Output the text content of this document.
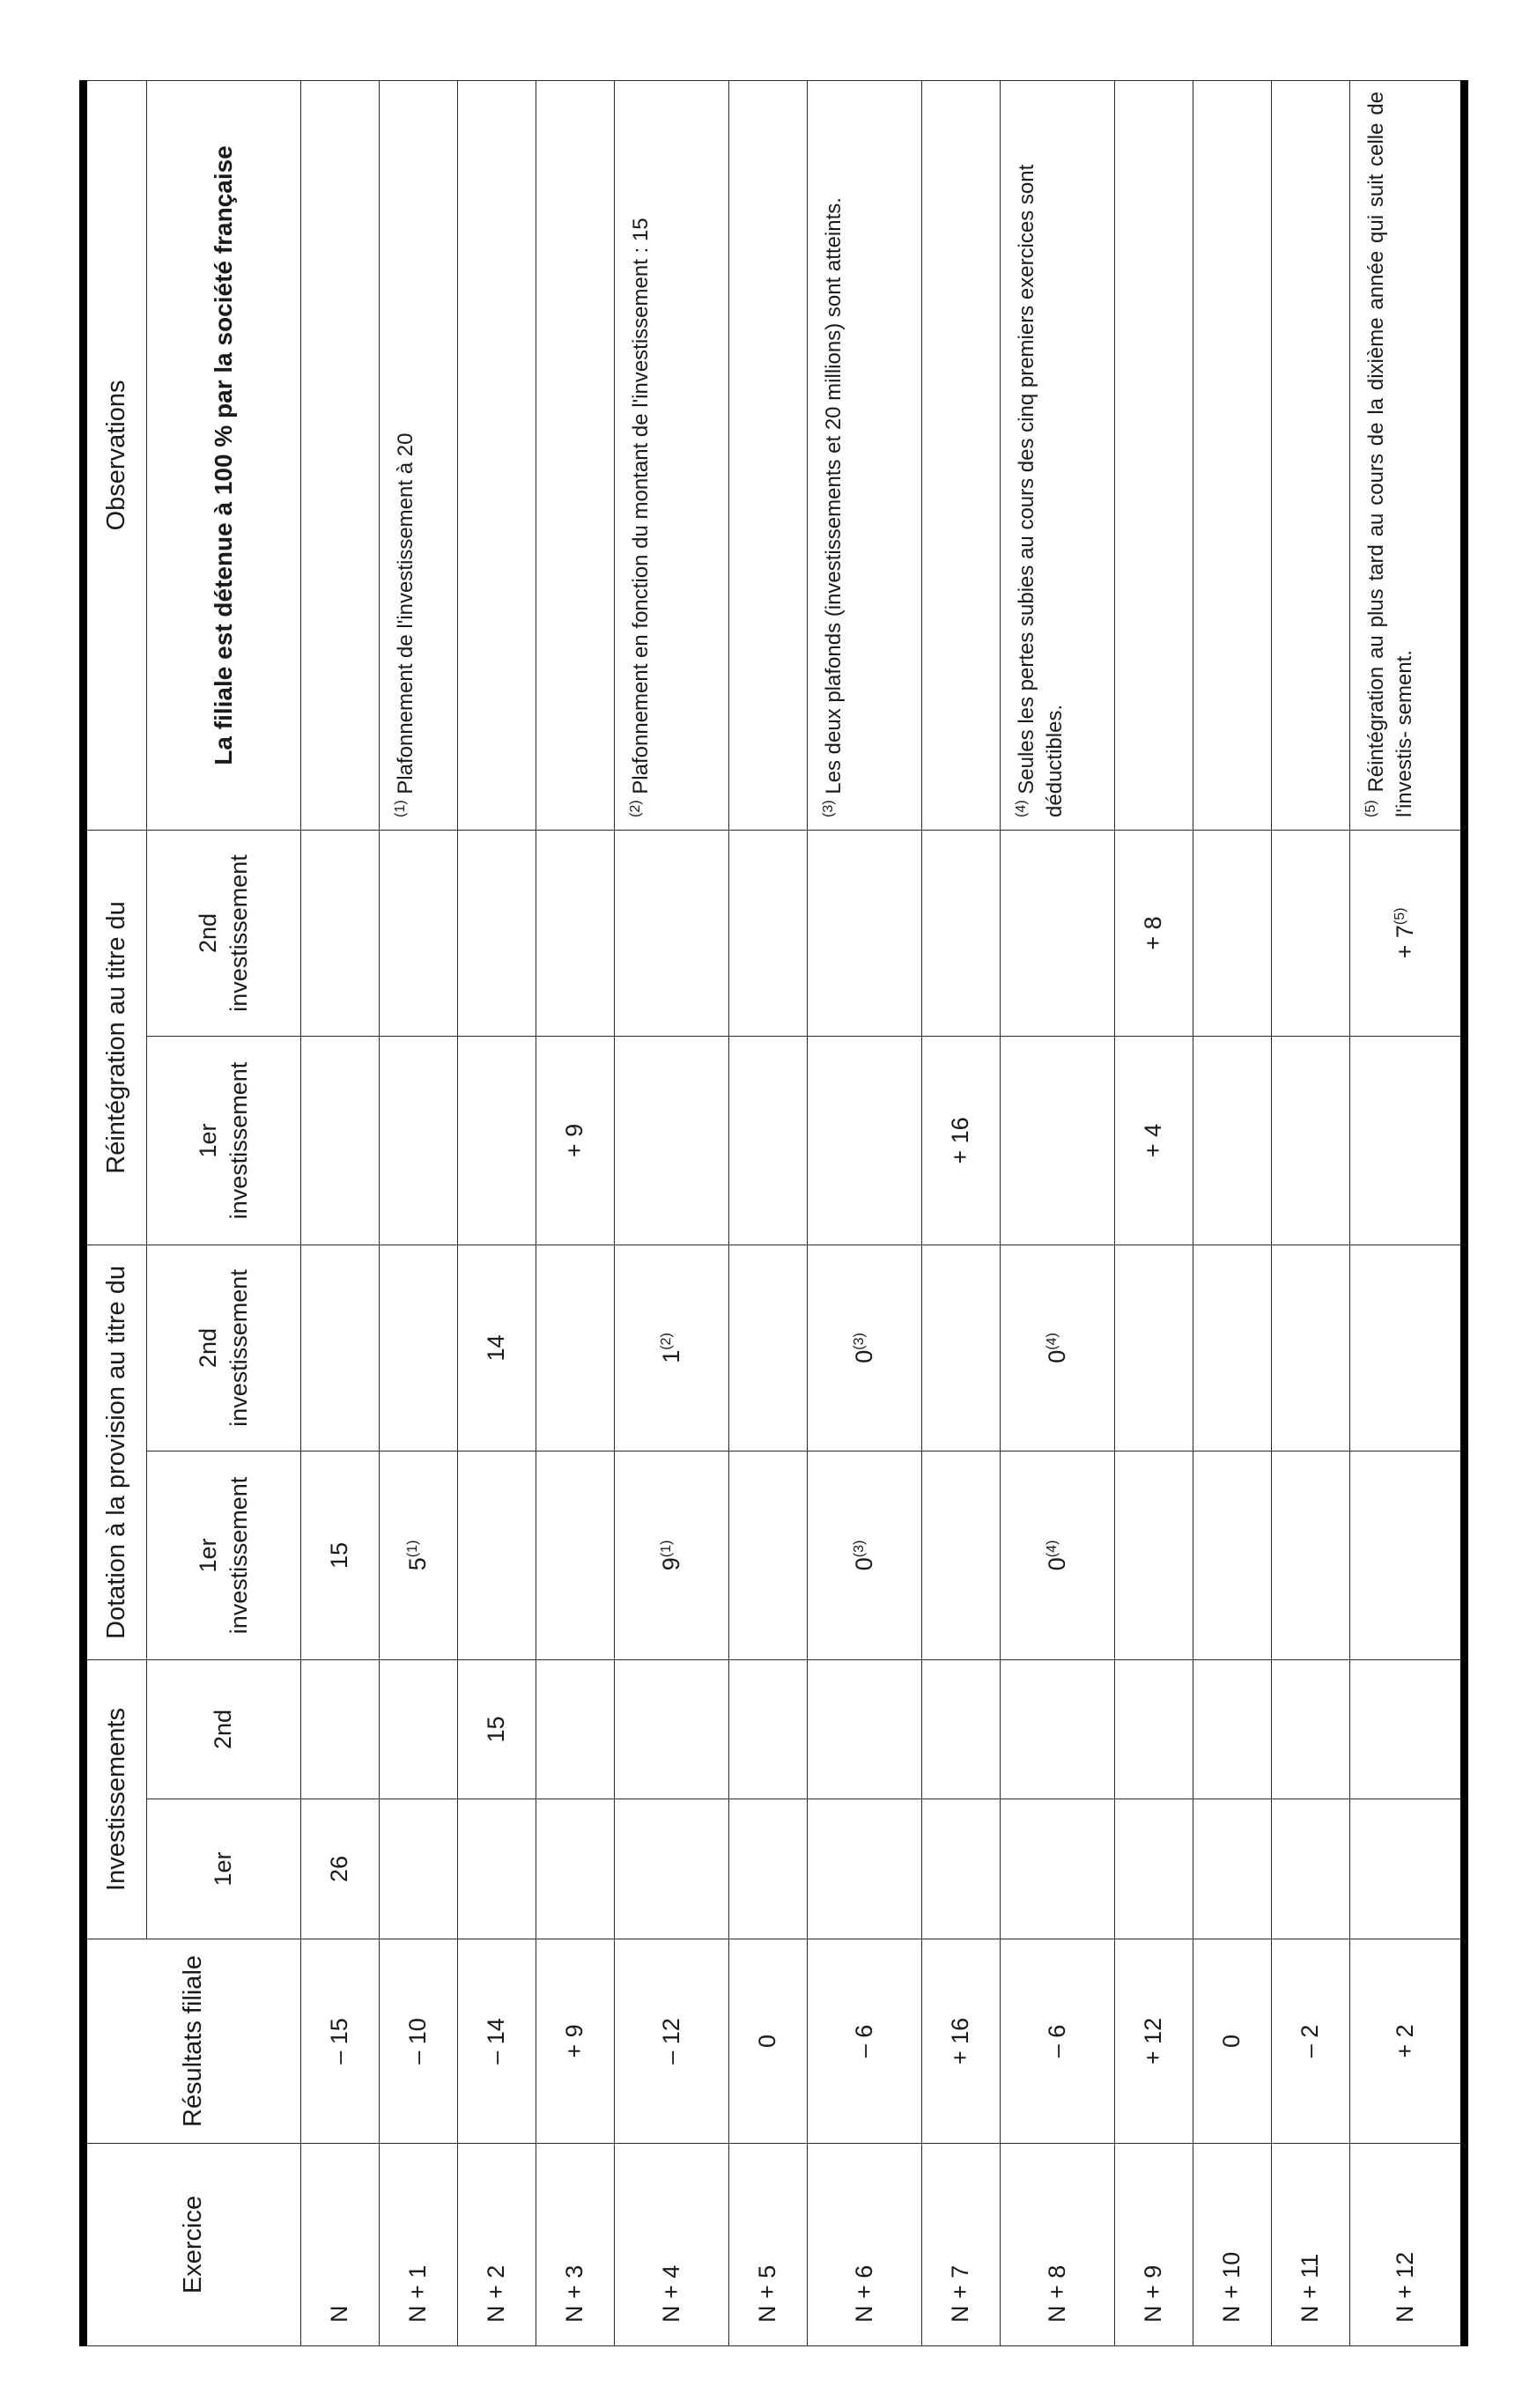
Exercice	Résultats filiale	Investissements		Dotation à la provision au titre du		Réintégration au titre du		Observations
		1er	2nd	1er investissement	2nd investissement	1er investissement	2nd investissement	La filiale est détenue à 100 % par la société française
N	– 15	26		15				
N + 1	– 10			5$^{(1)}$				$^{(1)}$ Plafonnement de l'investissement à 20
N + 2	– 14		15		14			
N + 3	+ 9					+ 9		
N + 4	– 12			9$^{(1)}$	1$^{(2)}$			$^{(2)}$ Plafonnement en fonction du montant de l'investissement : 15
N + 5	0							
N + 6	– 6			0$^{(3)}$	0$^{(3)}$			$^{(3)}$ Les deux plafonds (investissements et 20 millions) sont atteints.
N + 7	+ 16					+ 16		
N + 8	– 6			0$^{(4)}$	0$^{(4)}$			$^{(4)}$ Seules les pertes subies au cours des cinq premiers exercices sont déductibles.
N + 9	+ 12					+ 4	+ 8	
N + 10	0							
N + 11	– 2							
N + 12	+ 2						+ $7^{(5)}$	$^{(5)}$ Réintégration au plus tard au cours de la dixième année qui suit celle de l'investis- sement.
